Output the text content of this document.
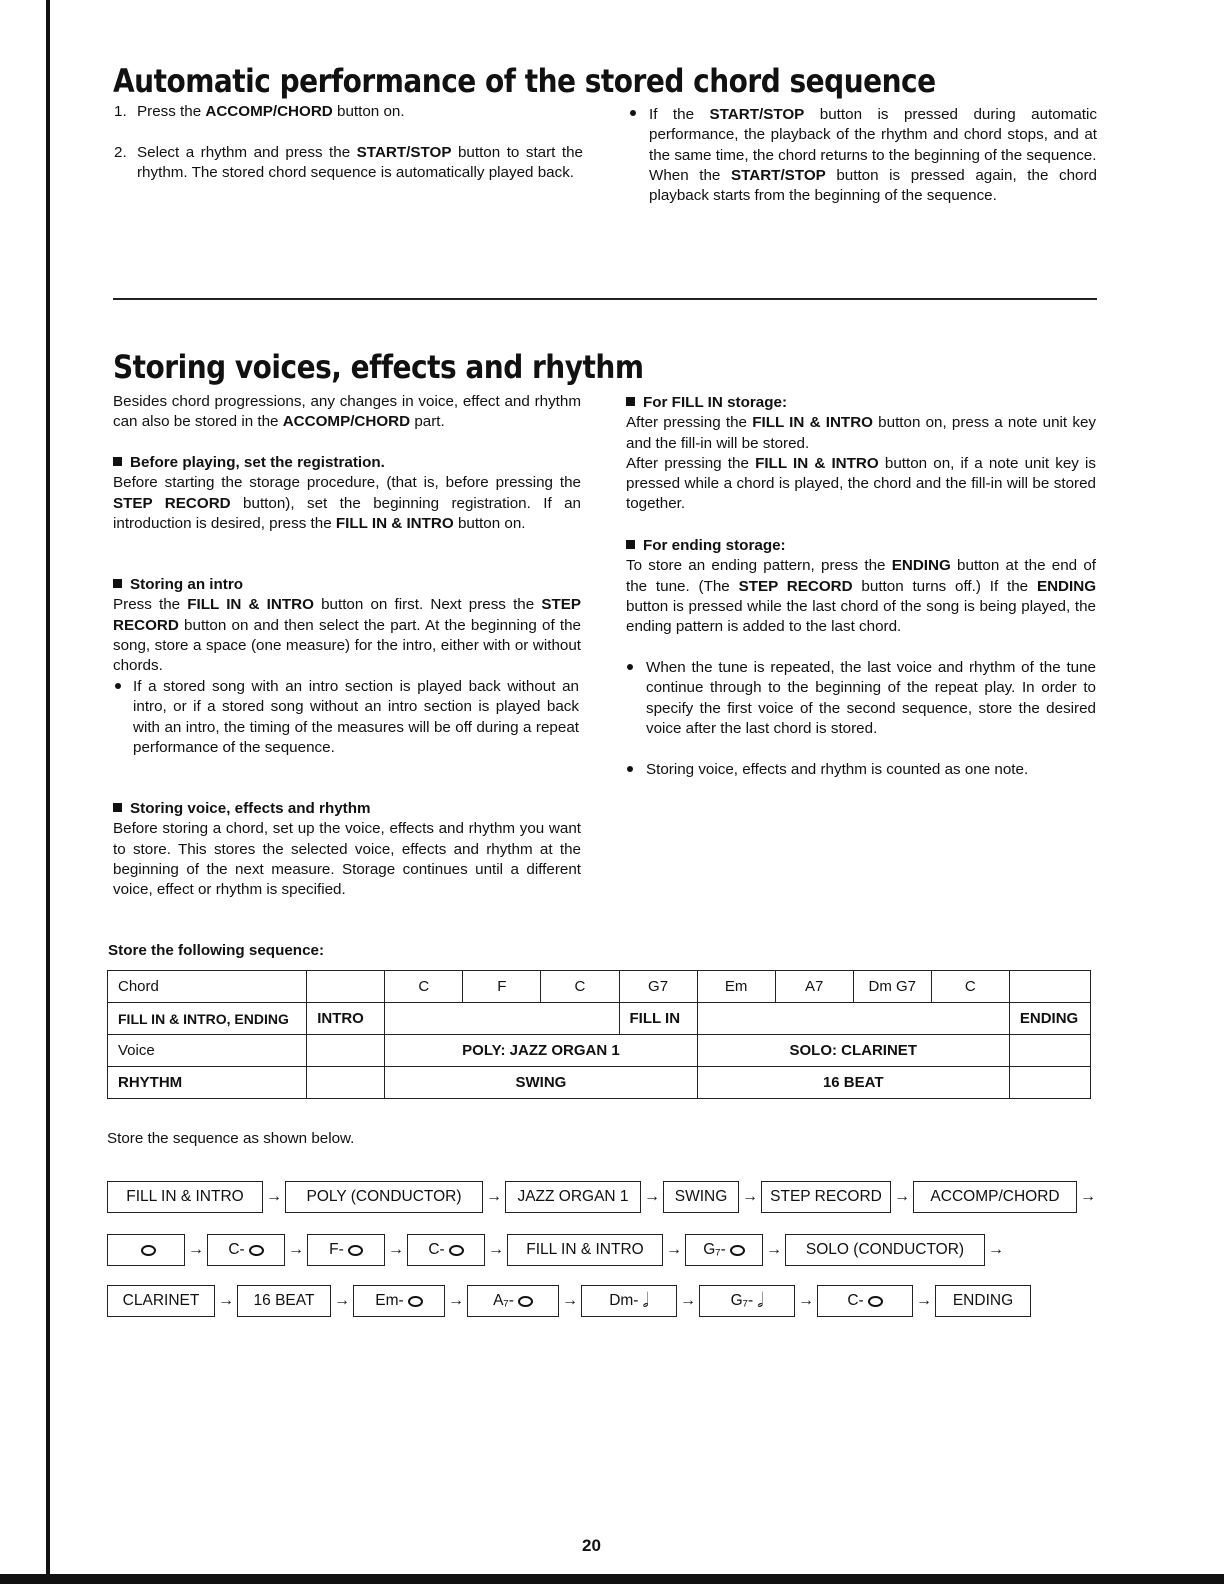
Automatic performance of the stored chord sequence
1. Press the ACCOMP/CHORD button on.

2. Select a rhythm and press the START/STOP button to start the rhythm. The stored chord sequence is automatically played back.

If the START/STOP button is pressed during automatic performance, the playback of the rhythm and chord stops, and at the same time, the chord returns to the beginning of the sequence.
When the START/STOP button is pressed again, the chord playback starts from the beginning of the sequence.

Storing voices, effects and rhythm

Besides chord progressions, any changes in voice, effect and rhythm can also be stored in the ACCOMP/CHORD part.

Before playing, set the registration.
Before starting the storage procedure, (that is, before pressing the STEP RECORD button), set the beginning registration. If an introduction is desired, press the FILL IN & INTRO button on.

Storing an intro
Press the FILL IN & INTRO button on first. Next press the STEP RECORD button on and then select the part. At the beginning of the song, store a space (one measure) for the intro, either with or without chords.

If a stored song with an intro section is played back without an intro, or if a stored song without an intro section is played back with an intro, the timing of the measures will be off during a repeat performance of the sequence.

Storing voice, effects and rhythm
Before storing a chord, set up the voice, effects and rhythm you want to store. This stores the selected voice, effects and rhythm at the beginning of the next measure. Storage continues until a different voice, effect or rhythm is specified.

For FILL IN storage:
After pressing the FILL IN & INTRO button on, press a note unit key and the fill-in will be stored.
After pressing the FILL IN & INTRO button on, if a note unit key is pressed while a chord is played, the chord and the fill-in will be stored together.

For ending storage:
To store an ending pattern, press the ENDING button at the end of the tune. (The STEP RECORD button turns off.) If the ENDING button is pressed while the last chord of the song is being played, the ending pattern is added to the last chord.

When the tune is repeated, the last voice and rhythm of the tune continue through to the beginning of the repeat play. In order to specify the first voice of the second sequence, store the desired voice after the last chord is stored.

Storing voice, effects and rhythm is counted as one note.

Store the following sequence:

Chord		C	F	C	G7	Em	A7	Dm G7	C	
FILL IN & INTRO, ENDING	INTRO				FILL IN					ENDING
Voice		POLY: JAZZ ORGAN 1				SOLO: CLARINET				
RHYTHM		SWING				16 BEAT				

Store the sequence as shown below.

FILL IN & INTRO	→	POLY (CONDUCTOR)	→ JAZZ ORGAN 1 → SWING → STEP RECORD →	ACCOMP/CHORD	→
→ C-	→ F-	→ C-	→	FILL IN & INTRO	→ G₇-	→	SOLO (CONDUCTOR)	→
CLARINET	→	16 BEAT	→ Em-	→ A₇-	→ Dm- 𝅗𝅥 → G₇- 𝅗𝅥 → C-	→	ENDING
20
